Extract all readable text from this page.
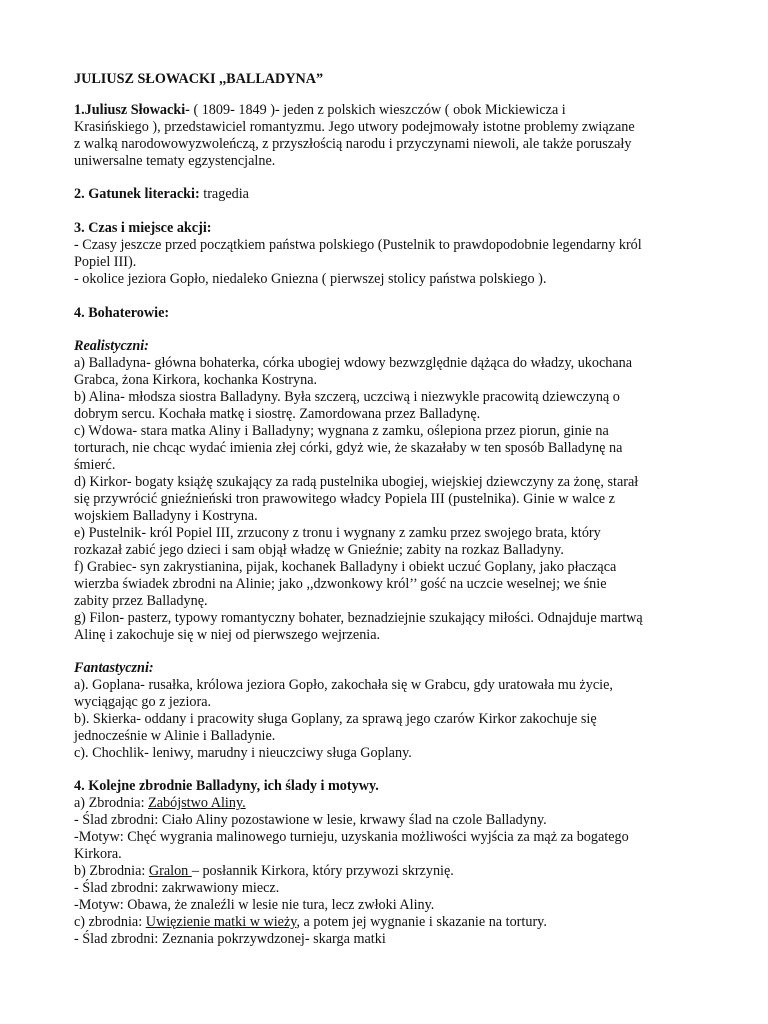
JULIUSZ SŁOWACKI ,,BALLADYNA”
1.Juliusz Słowacki- ( 1809- 1849 )- jeden z polskich wieszczów ( obok Mickiewicza i
Krasińskiego ), przedstawiciel romantyzmu. Jego utwory podejmowały istotne problemy związane
z walką narodowowyzwoleńczą, z przyszłością narodu i przyczynami niewoli, ale także poruszały
uniwersalne tematy egzystencjalne.
2. Gatunek literacki: tragedia
3. Czas i miejsce akcji:
- Czasy jeszcze przed początkiem państwa polskiego (Pustelnik to prawdopodobnie legendarny król
Popiel III).
- okolice jeziora Gopło, niedaleko Gniezna ( pierwszej stolicy państwa polskiego ).
4. Bohaterowie:
Realistyczni:
a) Balladyna- główna bohaterka, córka ubogiej wdowy bezwzględnie dążąca do władzy, ukochana
Grabca, żona Kirkora, kochanka Kostryna.
b) Alina- młodsza siostra Balladyny. Była szczerą, uczciwą i niezwykle pracowitą dziewczyną o
dobrym sercu. Kochała matkę i siostrę. Zamordowana przez Balladynę.
c) Wdowa- stara matka Aliny i Balladyny; wygnana z zamku, oślepiona przez piorun, ginie na
torturach, nie chcąc wydać imienia złej córki, gdyż wie, że skazałaby w ten sposób Balladynę na
śmierć.
d) Kirkor- bogaty książę szukający za radą pustelnika ubogiej, wiejskiej dziewczyny za żonę, starał
się przywrócić gnieźnieński tron prawowitego władcy Popiela III (pustelnika). Ginie w walce z
wojskiem Balladyny i Kostryna.
e) Pustelnik- król Popiel III, zrzucony z tronu i wygnany z zamku przez swojego brata, który
rozkazał zabić jego dzieci i sam objął władzę w Gnieźnie; zabity na rozkaz Balladyny.
f) Grabiec- syn zakrystianina, pijak, kochanek Balladyny i obiekt uczuć Goplany, jako płacząca
wierzba świadek zbrodni na Alinie; jako ,,dzwonkowy król’’ gość na uczcie weselnej; we śnie
zabity przez Balladynę.
g) Filon- pasterz, typowy romantyczny bohater, beznadziejnie szukający miłości. Odnajduje martwą
Alinę i zakochuje się w niej od pierwszego wejrzenia.
Fantastyczni:
a). Goplana- rusałka, królowa jeziora Gopło, zakochała się w Grabcu, gdy uratowała mu życie,
wyciągając go z jeziora.
b). Skierka- oddany i pracowity sługa Goplany, za sprawą jego czarów Kirkor zakochuje się
jednocześnie w Alinie i Balladynie.
c). Chochlik- leniwy, marudny i nieuczciwy sługa Goplany.
4. Kolejne zbrodnie Balladyny, ich ślady i motywy.
a) Zbrodnia: Zabójstwo Aliny.
- Ślad zbrodni: Ciało Aliny pozostawione w lesie, krwawy ślad na czole Balladyny.
-Motyw: Chęć wygrania malinowego turnieju, uzyskania możliwości wyjścia za mąż za bogatego
Kirkora.
b) Zbrodnia: Gralon – posłannik Kirkora, który przywozi skrzynię.
- Ślad zbrodni: zakrwawiony miecz.
-Motyw: Obawa, że znaleźli w lesie nie tura, lecz zwłoki Aliny.
c) zbrodnia: Uwięzienie matki w wieży, a potem jej wygnanie i skazanie na tortury.
- Ślad zbrodni: Zeznania pokrzywdzonej- skarga matki
